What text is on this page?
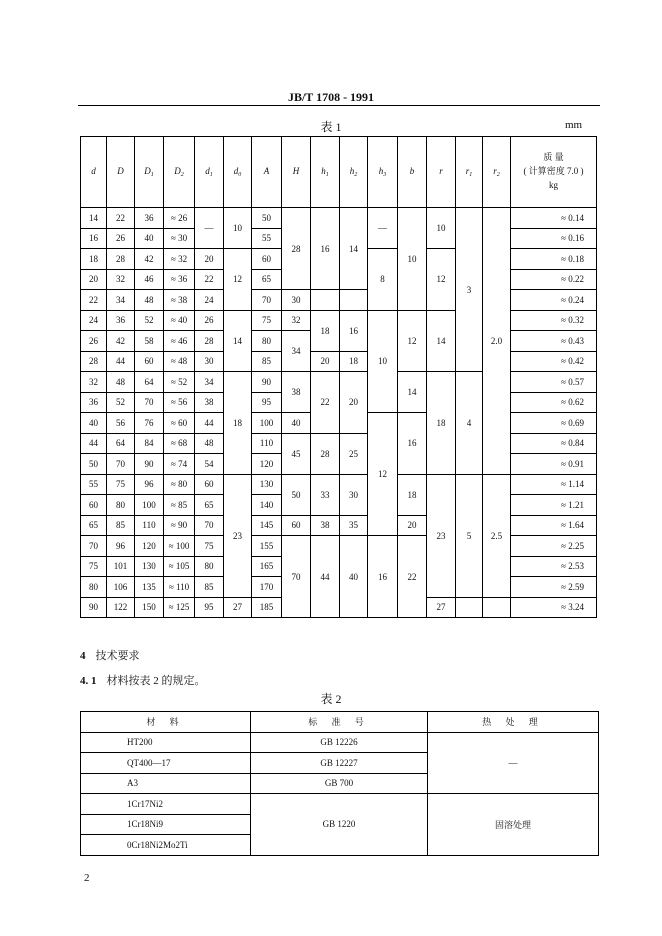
JB/T 1708 - 1991
表 1	mm
d	D	$D_1$	$D_2$	$d_1$	$d_0$	A	H	$h_1$	$h_2$	$h_3$	b	r	$r_1$	$r_2$	质 量
( 计算密度 7.0 )
kg

14	22	36	≈ 26	—	10	50	28	16	14	—	10	10	3	2.0	≈ 0.14
16	26	40	≈ 30			55									≈ 0.16
18	28	42	≈ 32	20	12	60				8		12			≈ 0.18
20	32	46	≈ 36	22		65									≈ 0.22
22	34	48	≈ 38	24		70	30								≈ 0.24
24	36	52	≈ 40	26	14	75	32	18	16	10	12	14			≈ 0.32
26	42	58	≈ 46	28		80	34								≈ 0.43
28	44	60	≈ 48	30		85		20	18						≈ 0.42
32	48	64	≈ 52	34	18	90	38	22	20		14	18	4		≈ 0.57
36	52	70	≈ 56	38		95									≈ 0.62
40	56	76	≈ 60	44		100	40			12	16				≈ 0.69
44	64	84	≈ 68	48		110	45	28	25						≈ 0.84
50	70	90	≈ 74	54		120									≈ 0.91
55	75	96	≈ 80	60	23	130	50	33	30		18	23	5	2.5	≈ 1.14
60	80	100	≈ 85	65		140									≈ 1.21
65	85	110	≈ 90	70		145	60	38	35		20				≈ 1.64
70	96	120	≈ 100	75		155	70	44	40	16	22				≈ 2.25
75	101	130	≈ 105	80		165									≈ 2.53
80	106	135	≈ 110	85		170									≈ 2.59
90	122	150	≈ 125	95	27	185						27			≈ 3.24
4 技术要求
4. 1 材料按表 2 的规定。
表 2
材 料	标 准 号	热 处 理
HT200	GB 12226	—
QT400—17	GB 12227	
A3	GB 700	
1Cr17Ni2	GB 1220	固溶处理
1Cr18Ni9		
0Cr18Ni2Mo2Ti		
2
